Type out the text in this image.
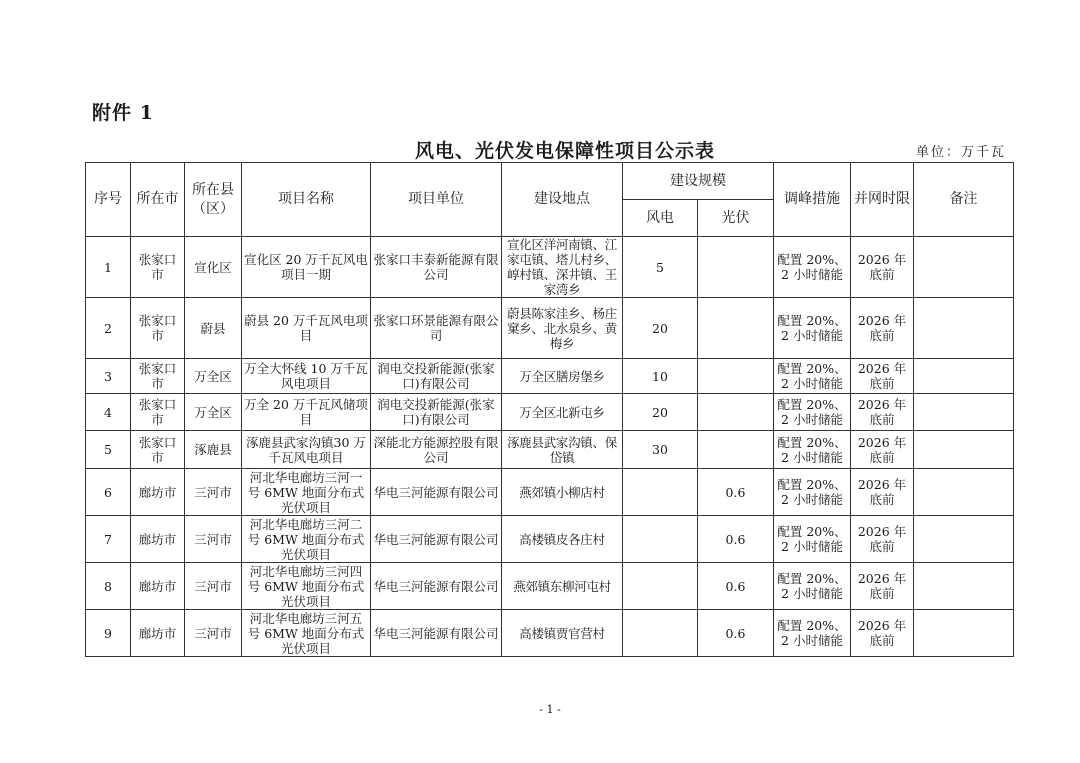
附件 1
风电、光伏发电保障性项目公示表	单位：万千瓦
序号	所在市	所在县（区）	项目名称	项目单位	建设地点	建设规模		调峰措施	并网时限	备注
						风电	光伏			
1	张家口市	宣化区	宣化区 20 万千瓦风电项目一期	张家口丰泰新能源有限公司	宣化区洋河南镇、江家屯镇、塔儿村乡、崞村镇、深井镇、王家湾乡	5		配置 20%、2 小时储能	2026 年底前	
2	张家口市	蔚县	蔚县 20 万千瓦风电项目	张家口环景能源有限公司	蔚县陈家洼乡、杨庄窠乡、北水泉乡、黄梅乡	20		配置 20%、2 小时储能	2026 年底前	
3	张家口市	万全区	万全大怀线 10 万千瓦风电项目	润电交投新能源(张家口)有限公司	万全区膳房堡乡	10		配置 20%、2 小时储能	2026 年底前	
4	张家口市	万全区	万全 20 万千瓦风储项目	润电交投新能源(张家口)有限公司	万全区北新屯乡	20		配置 20%、2 小时储能	2026 年底前	
5	张家口市	涿鹿县	涿鹿县武家沟镇30 万千瓦风电项目	深能北方能源控股有限公司	涿鹿县武家沟镇、保岱镇	30		配置 20%、2 小时储能	2026 年底前	
6	廊坊市	三河市	河北华电廊坊三河一号 6MW 地面分布式光伏项目	华电三河能源有限公司	燕郊镇小柳店村		0.6	配置 20%、2 小时储能	2026 年底前	
7	廊坊市	三河市	河北华电廊坊三河二号 6MW 地面分布式光伏项目	华电三河能源有限公司	高楼镇皮各庄村		0.6	配置 20%、2 小时储能	2026 年底前	
8	廊坊市	三河市	河北华电廊坊三河四号 6MW 地面分布式光伏项目	华电三河能源有限公司	燕郊镇东柳河屯村		0.6	配置 20%、2 小时储能	2026 年底前	
9	廊坊市	三河市	河北华电廊坊三河五号 6MW 地面分布式光伏项目	华电三河能源有限公司	高楼镇贾官营村		0.6	配置 20%、2 小时储能	2026 年底前	
- 1 -
